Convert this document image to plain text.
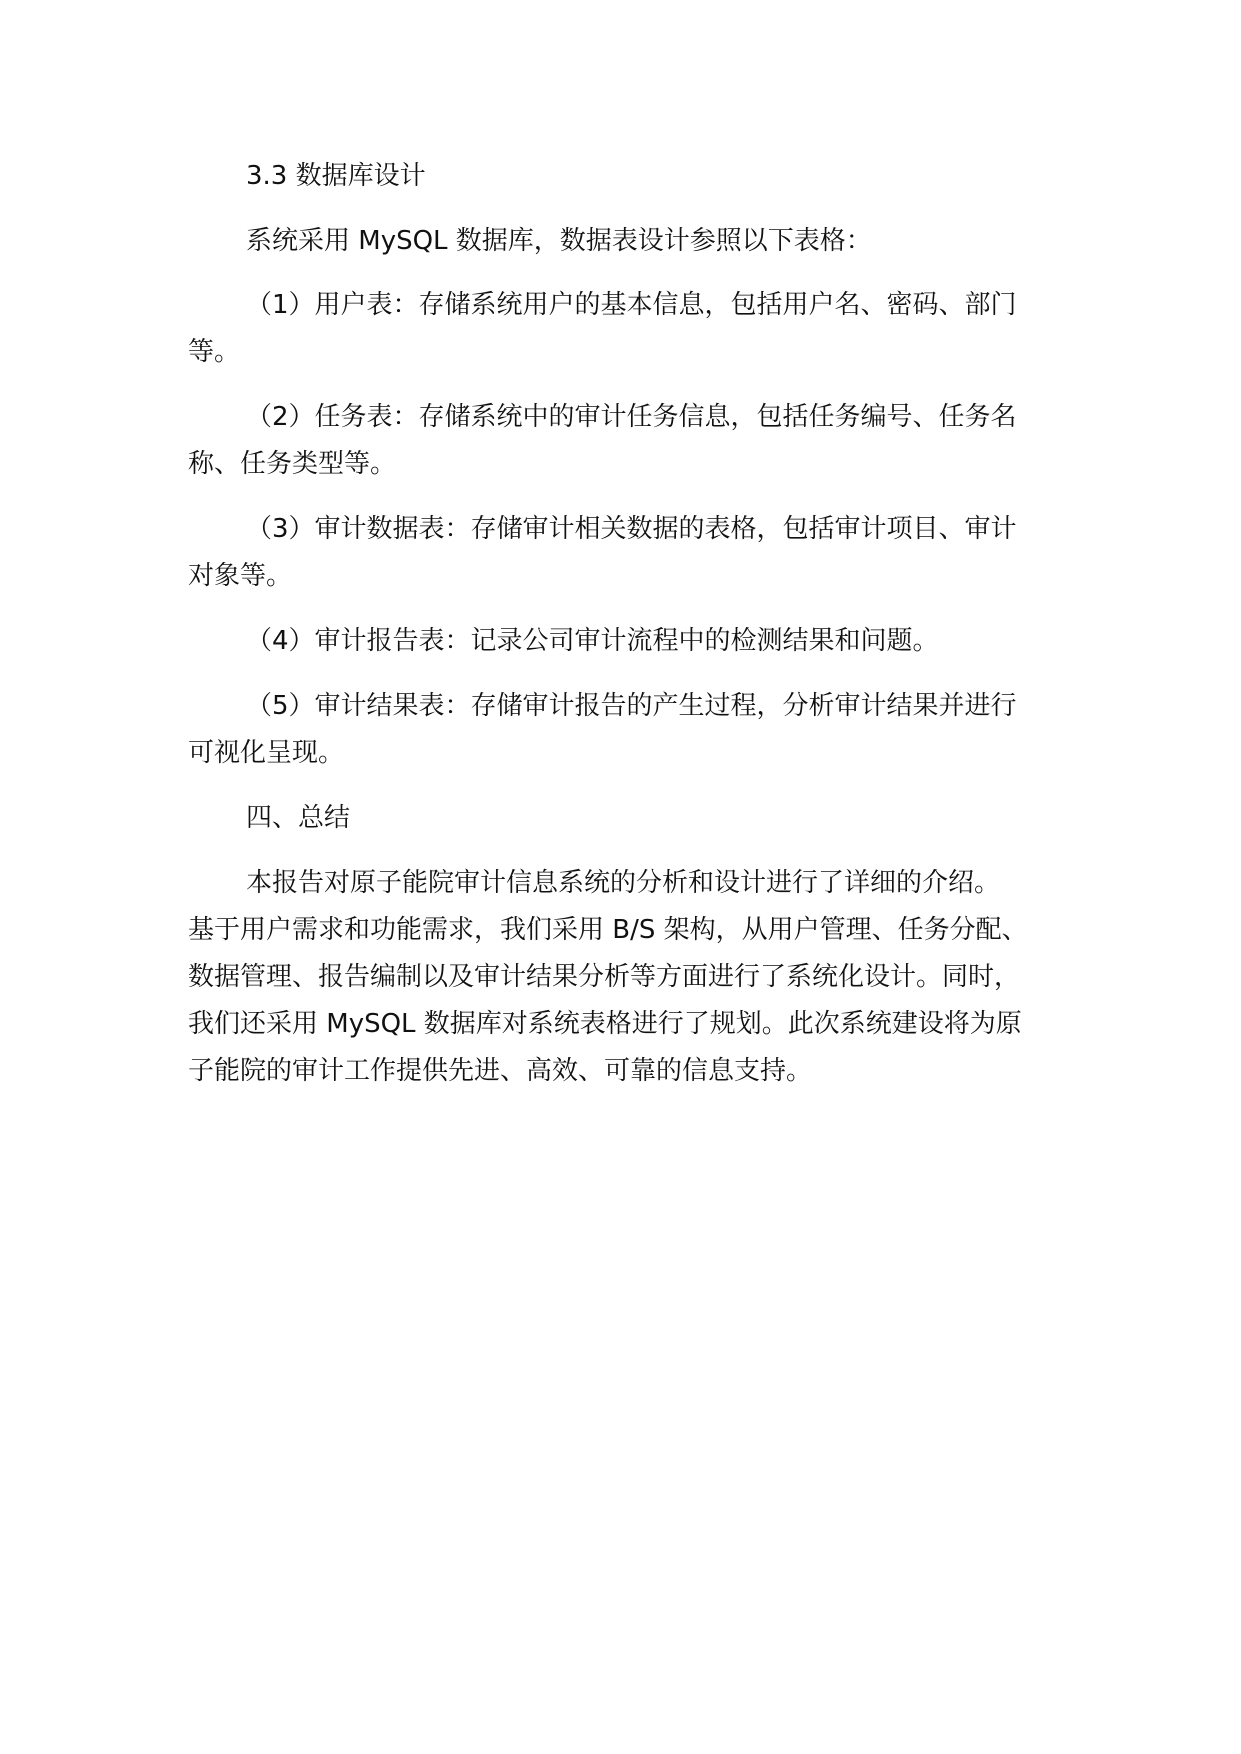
3.3 数据库设计
系统采用 MySQL 数据库，数据表设计参照以下表格：
（1）用户表：存储系统用户的基本信息，包括用户名、密码、部门
等。
（2）任务表：存储系统中的审计任务信息，包括任务编号、任务名
称、任务类型等。
（3）审计数据表：存储审计相关数据的表格，包括审计项目、审计
对象等。
（4）审计报告表：记录公司审计流程中的检测结果和问题。
（5）审计结果表：存储审计报告的产生过程，分析审计结果并进行
可视化呈现。
四、总结
本报告对原子能院审计信息系统的分析和设计进行了详细的介绍。
基于用户需求和功能需求，我们采用 B/S 架构，从用户管理、任务分配、
数据管理、报告编制以及审计结果分析等方面进行了系统化设计。同时，
我们还采用 MySQL 数据库对系统表格进行了规划。此次系统建设将为原
子能院的审计工作提供先进、高效、可靠的信息支持。
